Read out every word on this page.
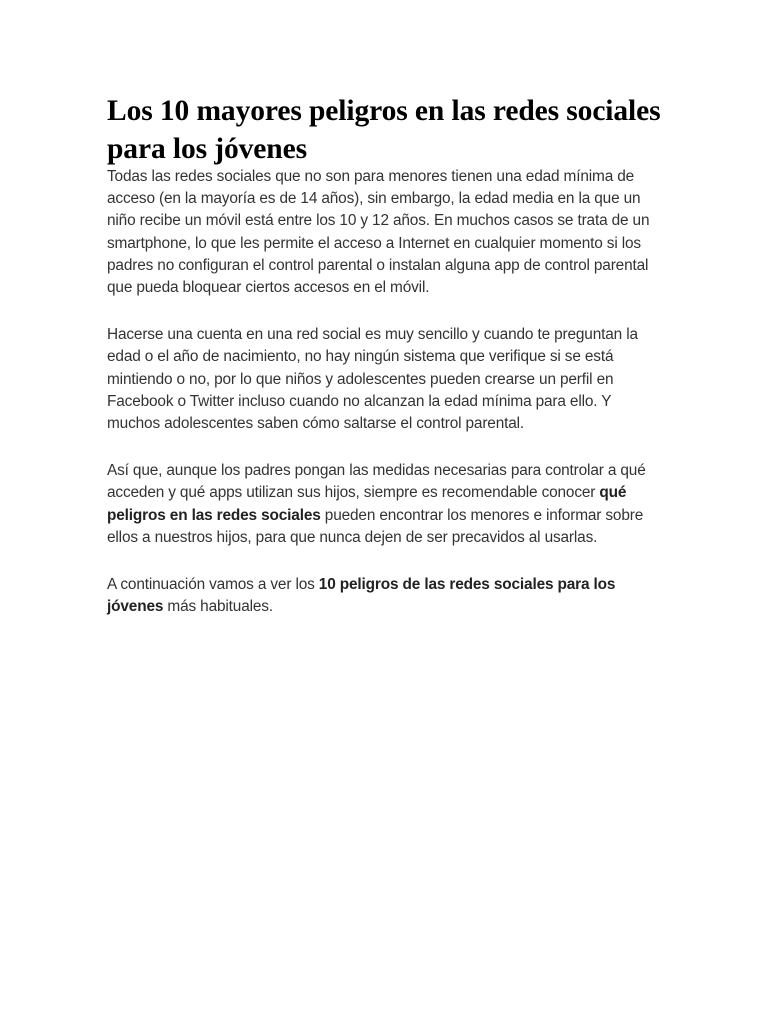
Los 10 mayores peligros en las redes sociales para los jóvenes

Todas las redes sociales que no son para menores tienen una edad mínima de acceso (en la mayoría es de 14 años), sin embargo, la edad media en la que un niño recibe un móvil está entre los 10 y 12 años. En muchos casos se trata de un smartphone, lo que les permite el acceso a Internet en cualquier momento si los padres no configuran el control parental o instalan alguna app de control parental que pueda bloquear ciertos accesos en el móvil.

Hacerse una cuenta en una red social es muy sencillo y cuando te preguntan la edad o el año de nacimiento, no hay ningún sistema que verifique si se está mintiendo o no, por lo que niños y adolescentes pueden crearse un perfil en Facebook o Twitter incluso cuando no alcanzan la edad mínima para ello. Y muchos adolescentes saben cómo saltarse el control parental.

Así que, aunque los padres pongan las medidas necesarias para controlar a qué acceden y qué apps utilizan sus hijos, siempre es recomendable conocer qué peligros en las redes sociales pueden encontrar los menores e informar sobre ellos a nuestros hijos, para que nunca dejen de ser precavidos al usarlas.

A continuación vamos a ver los 10 peligros de las redes sociales para los jóvenes más habituales.
